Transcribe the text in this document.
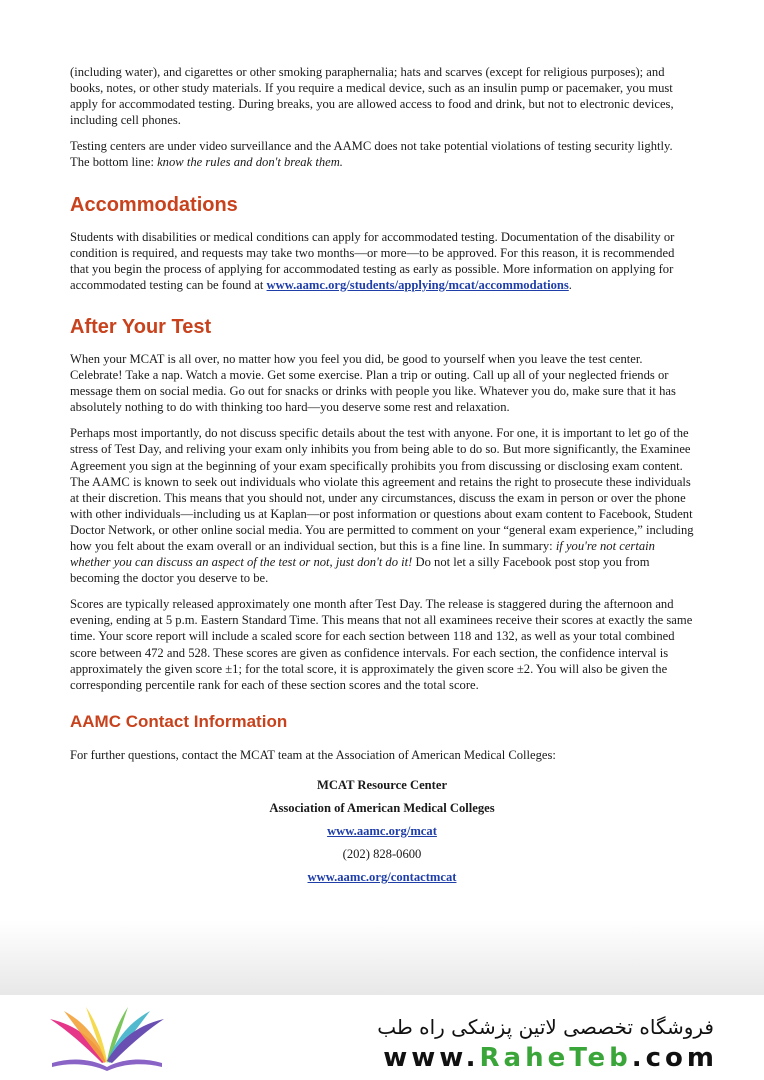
(including water), and cigarettes or other smoking paraphernalia; hats and scarves (except for religious purposes); and books, notes, or other study materials. If you require a medical device, such as an insulin pump or pacemaker, you must apply for accommodated testing. During breaks, you are allowed access to food and drink, but not to electronic devices, including cell phones.

Testing centers are under video surveillance and the AAMC does not take potential violations of testing security lightly. The bottom line: know the rules and don't break them.

Accommodations

Students with disabilities or medical conditions can apply for accommodated testing. Documentation of the disability or condition is required, and requests may take two months—or more—to be approved. For this reason, it is recommended that you begin the process of applying for accommodated testing as early as possible. More information on applying for accommodated testing can be found at www.aamc.org/students/applying/mcat/accommodations.

After Your Test

When your MCAT is all over, no matter how you feel you did, be good to yourself when you leave the test center. Celebrate! Take a nap. Watch a movie. Get some exercise. Plan a trip or outing. Call up all of your neglected friends or message them on social media. Go out for snacks or drinks with people you like. Whatever you do, make sure that it has absolutely nothing to do with thinking too hard—you deserve some rest and relaxation.

Perhaps most importantly, do not discuss specific details about the test with anyone. For one, it is important to let go of the stress of Test Day, and reliving your exam only inhibits you from being able to do so. But more significantly, the Examinee Agreement you sign at the beginning of your exam specifically prohibits you from discussing or disclosing exam content. The AAMC is known to seek out individuals who violate this agreement and retains the right to prosecute these individuals at their discretion. This means that you should not, under any circumstances, discuss the exam in person or over the phone with other individuals—including us at Kaplan—or post information or questions about exam content to Facebook, Student Doctor Network, or other online social media. You are permitted to comment on your “general exam experience,” including how you felt about the exam overall or an individual section, but this is a fine line. In summary: if you're not certain whether you can discuss an aspect of the test or not, just don't do it! Do not let a silly Facebook post stop you from becoming the doctor you deserve to be.

Scores are typically released approximately one month after Test Day. The release is staggered during the afternoon and evening, ending at 5 p.m. Eastern Standard Time. This means that not all examinees receive their scores at exactly the same time. Your score report will include a scaled score for each section between 118 and 132, as well as your total combined score between 472 and 528. These scores are given as confidence intervals. For each section, the confidence interval is approximately the given score ±1; for the total score, it is approximately the given score ±2. You will also be given the corresponding percentile rank for each of these section scores and the total score.

AAMC Contact Information

For further questions, contact the MCAT team at the Association of American Medical Colleges:

MCAT Resource Center
Association of American Medical Colleges
www.aamc.org/mcat
(202) 828-0600
www.aamc.org/contactmcat
فروشگاه تخصصی لاتین پزشکی راه طب
www.RaheTeb.com
